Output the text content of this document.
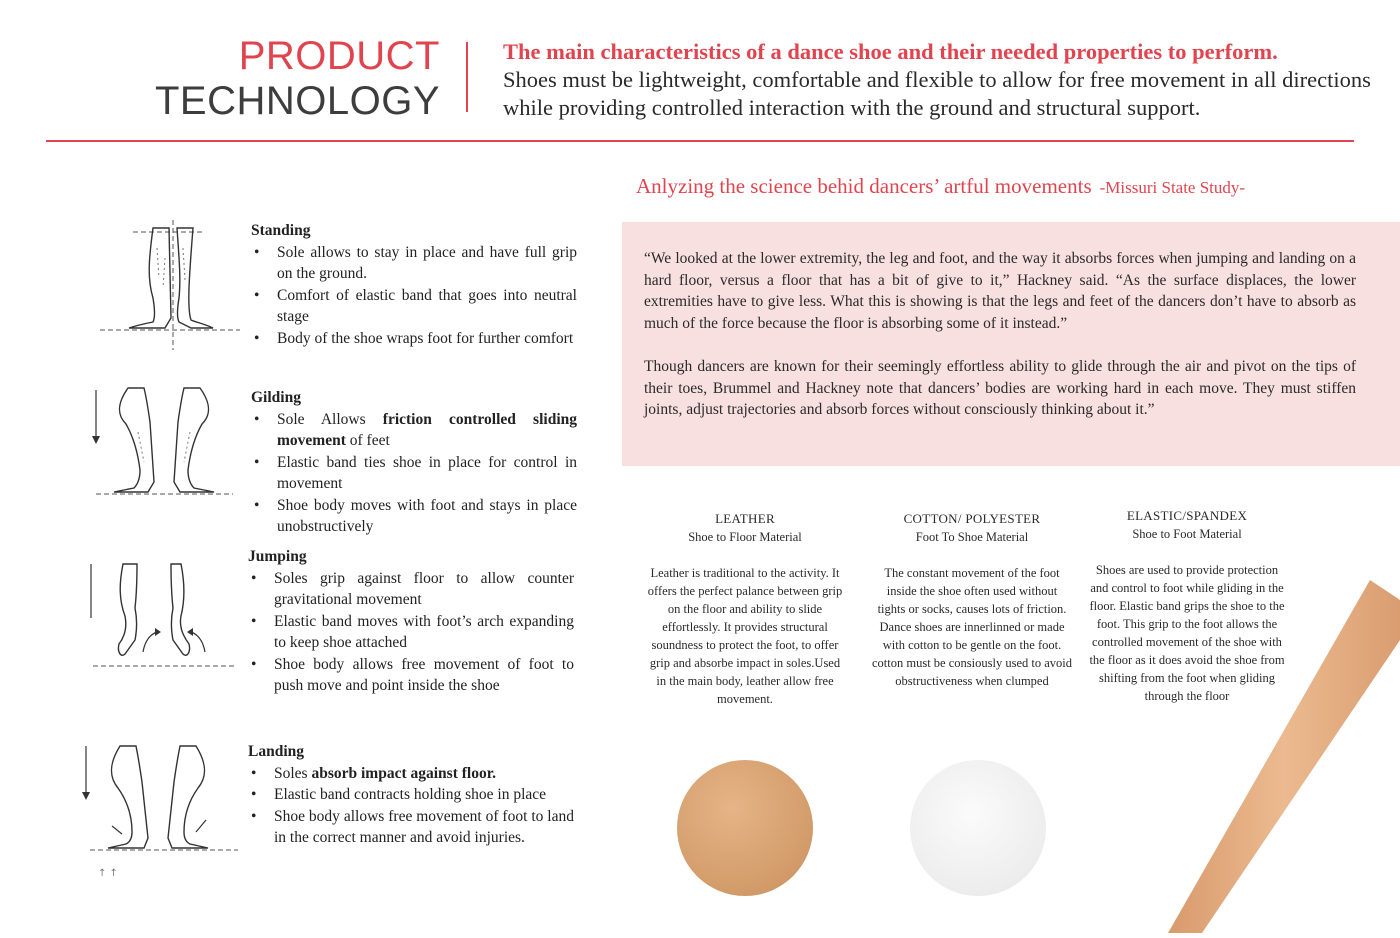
PRODUCT
TECHNOLOGY
The main characteristics of a dance shoe and their needed properties to perform.
Shoes must be lightweight, comfortable and flexible to allow for free movement in all directions while providing controlled interaction with the ground and structural support.
Standing
• Sole allows to stay in place and have full grip on the ground.
• Comfort of elastic band that goes into neutral stage
• Body of the shoe wraps foot for further comfort
Gilding
• Sole Allows friction controlled sliding movement of feet
• Elastic band ties shoe in place for control in movement
• Shoe body moves with foot and stays in place unobstructively
Jumping
• Soles grip against floor to allow counter gravitational movement
• Elastic band moves with foot’s arch expanding to keep shoe attached
• Shoe body allows free movement of foot to push move and point inside the shoe
↑ ↑
Landing
• Soles absorb impact against floor.
• Elastic band contracts holding shoe in place
• Shoe body allows free movement of foot to land in the correct manner and avoid injuries.
Anlyzing the science behid dancers’ artful movements -Missuri State Study-

“We looked at the lower extremity, the leg and foot, and the way it absorbs forces when jumping and landing on a hard floor, versus a floor that has a bit of give to it,” Hackney said. “As the surface displaces, the lower extremities have to give less. What this is showing is that the legs and feet of the dancers don’t have to absorb as much of the force because the floor is absorbing some of it instead.”

Though dancers are known for their seemingly effortless ability to glide through the air and pivot on the tips of their toes, Brummel and Hackney note that dancers’ bodies are working hard in each move. They must stiffen joints, adjust trajectories and absorb forces without consciously thinking about it.”

LEATHER
Shoe to Floor Material
Leather is traditional to the activity. It offers the perfect palance between grip on the floor and ability to slide effortlessly. It provides structural soundness to protect the foot, to offer grip and absorbe impact in soles.Used in the main body, leather allow free movement.
COTTON/ POLYESTER
Foot To Shoe Material
The constant movement of the foot inside the shoe often used without tights or socks, causes lots of friction. Dance shoes are innerlinned or made with cotton to be gentle on the foot. cotton must be consiously used to avoid obstructiveness when clumped
ELASTIC/SPANDEX
Shoe to Foot Material
Shoes are used to provide protection and control to foot while gliding in the floor. Elastic band grips the shoe to the foot. This grip to the foot allows the controlled movement of the shoe with the floor as it does avoid the shoe from shifting from the foot when gliding through the floor
